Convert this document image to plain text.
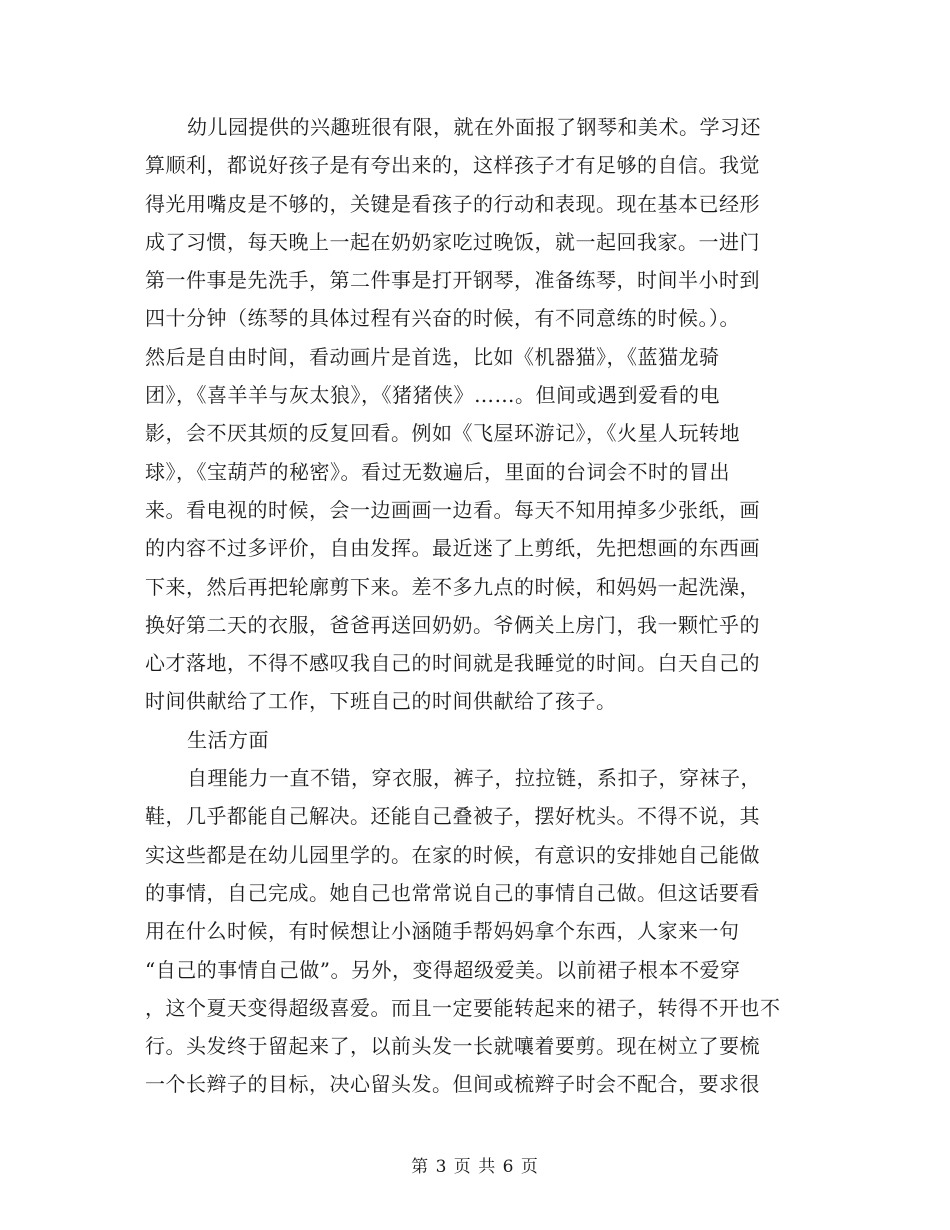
幼儿园提供的兴趣班很有限，就在外面报了钢琴和美术。学习还
算顺利，都说好孩子是有夸出来的，这样孩子才有足够的自信。我觉
得光用嘴皮是不够的，关键是看孩子的行动和表现。现在基本已经形
成了习惯，每天晚上一起在奶奶家吃过晚饭，就一起回我家。一进门
第一件事是先洗手，第二件事是打开钢琴，准备练琴，时间半小时到
四十分钟（练琴的具体过程有兴奋的时候，有不同意练的时候。）。
然后是自由时间，看动画片是首选，比如《机器猫》，《蓝猫龙骑
团》，《喜羊羊与灰太狼》，《猪猪侠》……。但间或遇到爱看的电
影，会不厌其烦的反复回看。例如《飞屋环游记》，《火星人玩转地
球》，《宝葫芦的秘密》。看过无数遍后，里面的台词会不时的冒出
来。看电视的时候，会一边画画一边看。每天不知用掉多少张纸，画
的内容不过多评价，自由发挥。最近迷了上剪纸，先把想画的东西画
下来，然后再把轮廓剪下来。差不多九点的时候，和妈妈一起洗澡，
换好第二天的衣服，爸爸再送回奶奶。爷俩关上房门，我一颗忙乎的
心才落地，不得不感叹我自己的时间就是我睡觉的时间。白天自己的
时间供献给了工作，下班自己的时间供献给了孩子。
生活方面
自理能力一直不错，穿衣服，裤子，拉拉链，系扣子，穿袜子，
鞋，几乎都能自己解决。还能自己叠被子，摆好枕头。不得不说，其
实这些都是在幼儿园里学的。在家的时候，有意识的安排她自己能做
的事情，自己完成。她自己也常常说自己的事情自己做。但这话要看
用在什么时候，有时候想让小涵随手帮妈妈拿个东西，人家来一句
“自己的事情自己做”。另外，变得超级爱美。以前裙子根本不爱穿
，这个夏天变得超级喜爱。而且一定要能转起来的裙子，转得不开也不
行。头发终于留起来了，以前头发一长就嚷着要剪。现在树立了要梳
一个长辫子的目标，决心留头发。但间或梳辫子时会不配合，要求很
第 3 页 共 6 页
